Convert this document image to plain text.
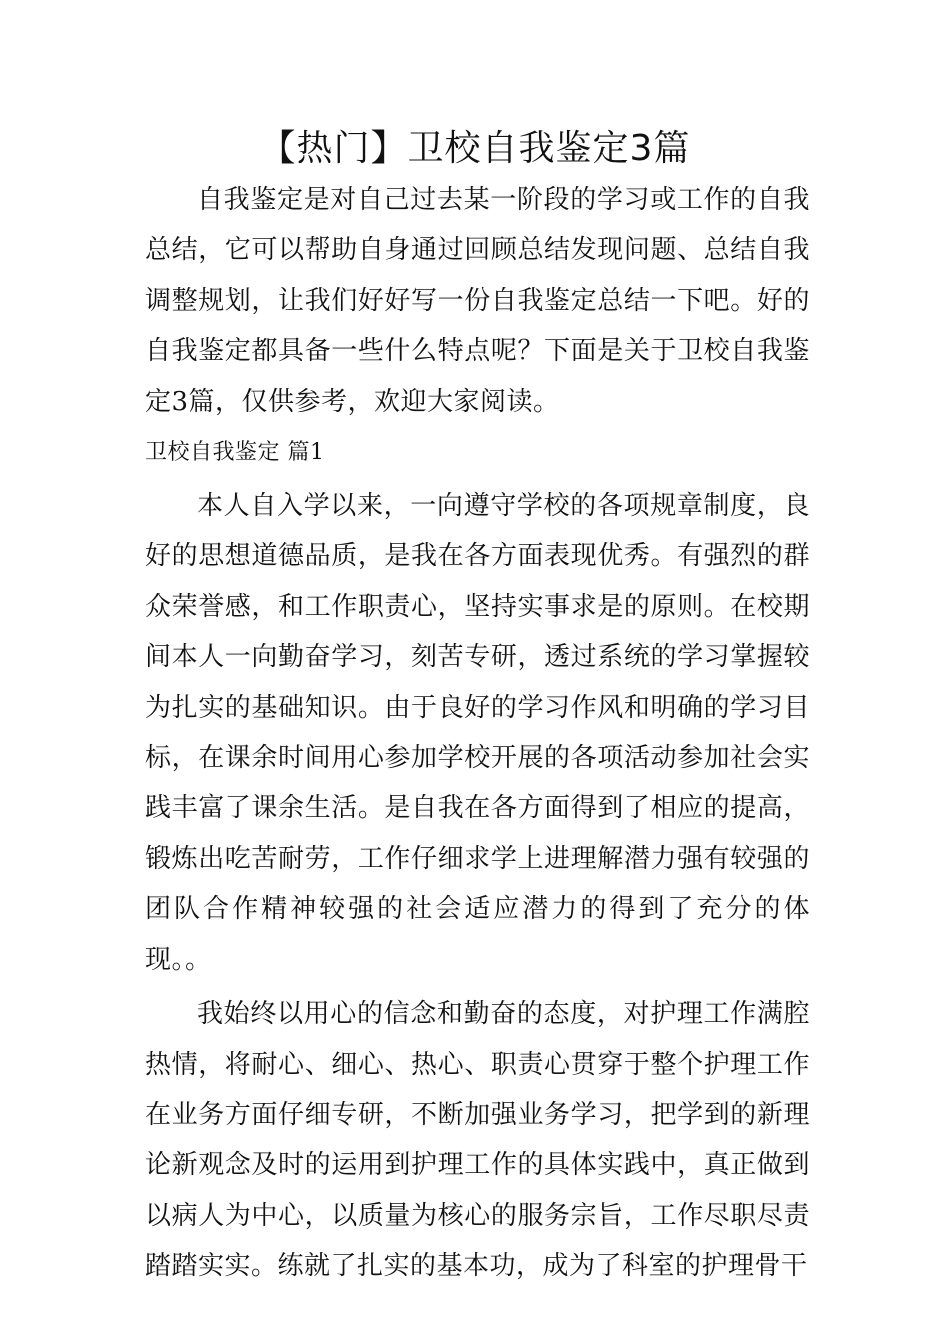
【热门】卫校自我鉴定3篇

自我鉴定是对自己过去某一阶段的学习或工作的自我总结，它可以帮助自身通过回顾总结发现问题、总结自我调整规划，让我们好好写一份自我鉴定总结一下吧。好的自我鉴定都具备一些什么特点呢？下面是关于卫校自我鉴定3篇，仅供参考，欢迎大家阅读。

卫校自我鉴定 篇1

本人自入学以来，一向遵守学校的各项规章制度，良好的思想道德品质，是我在各方面表现优秀。有强烈的群众荣誉感，和工作职责心，坚持实事求是的原则。在校期间本人一向勤奋学习，刻苦专研，透过系统的学习掌握较为扎实的基础知识。由于良好的学习作风和明确的学习目标，在课余时间用心参加学校开展的各项活动参加社会实践丰富了课余生活。是自我在各方面得到了相应的提高，锻炼出吃苦耐劳，工作仔细求学上进理解潜力强有较强的团队合作精神较强的社会适应潜力的得到了充分的体现。。

我始终以用心的信念和勤奋的态度，对护理工作满腔热情，将耐心、细心、热心、职责心贯穿于整个护理工作在业务方面仔细专研，不断加强业务学习，把学到的新理论新观念及时的运用到护理工作的具体实践中，真正做到以病人为中心，以质量为核心的服务宗旨，工作尽职尽责踏踏实实。练就了扎实的基本功，成为了科室的护理骨干
